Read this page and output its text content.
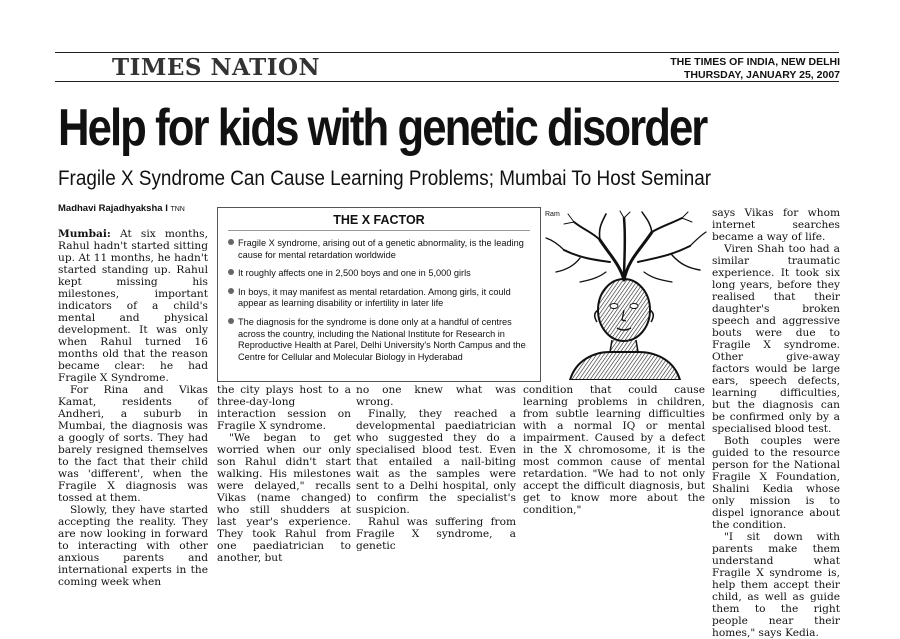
TIMES NATION	THE TIMES OF INDIA, NEW DELHI
THURSDAY, JANUARY 25, 2007
Help for kids with genetic disorder
Fragile X Syndrome Can Cause Learning Problems; Mumbai To Host Seminar
Madhavi Rajadhyaksha I TNN

Mumbai: At six months, Rahul hadn't started sitting up. At 11 months, he hadn't started standing up. Rahul kept missing his milestones, important indicators of a child's mental and physical development. It was only when Rahul turned 16 months old that the reason became clear: he had Fragile X Syndrome.

For Rina and Vikas Kamat, residents of Andheri, a suburb in Mumbai, the diagnosis was a googly of sorts. They had barely resigned themselves to the fact that their child was 'different', when the Fragile X diagnosis was tossed at them.

Slowly, they have started accepting the reality. They are now looking in forward to interacting with other anxious parents and international experts in the coming week when

THE X FACTOR
Fragile X syndrome, arising out of a genetic abnormality, is the leading cause for mental retardation worldwide
It roughly affects one in 2,500 boys and one in 5,000 girls
In boys, it may manifest as mental retardation. Among girls, it could appear as learning disability or infertility in later life
The diagnosis for the syndrome is done only at a handful of centres across the country, including the National Institute for Research in Reproductive Health at Parel, Delhi University's North Campus and the Centre for Cellular and Molecular Biology in Hyderabad
Ram

the city plays host to a three-day-long interaction session on Fragile X syndrome.

"We began to get worried when our only son Rahul didn't start walking. His milestones were delayed," recalls Vikas (name changed) who still shudders at last year's experience. They took Rahul from one paediatrician to another, but

no one knew what was wrong.

Finally, they reached a developmental paediatrician who suggested they do a specialised blood test. Even that entailed a nail-biting wait as the samples were sent to a Delhi hospital, only to confirm the specialist's suspicion.

Rahul was suffering from Fragile X syndrome, a genetic

condition that could cause learning problems in children, from subtle learning difficulties with a normal IQ or mental impairment. Caused by a defect in the X chromosome, it is the most common cause of mental retardation. "We had to not only accept the difficult diagnosis, but get to know more about the condition,"

says Vikas for whom internet searches became a way of life.

Viren Shah too had a similar traumatic experience. It took six long years, before they realised that their daughter's broken speech and aggressive bouts were due to Fragile X syndrome. Other give-away factors would be large ears, speech defects, learning difficulties, but the diagnosis can be confirmed only by a specialised blood test.

Both couples were guided to the resource person for the National Fragile X Foundation, Shalini Kedia whose only mission is to dispel ignorance about the condition.

"I sit down with parents make them understand what Fragile X syndrome is, help them accept their child, as well as guide them to the right people near their homes," says Kedia.
